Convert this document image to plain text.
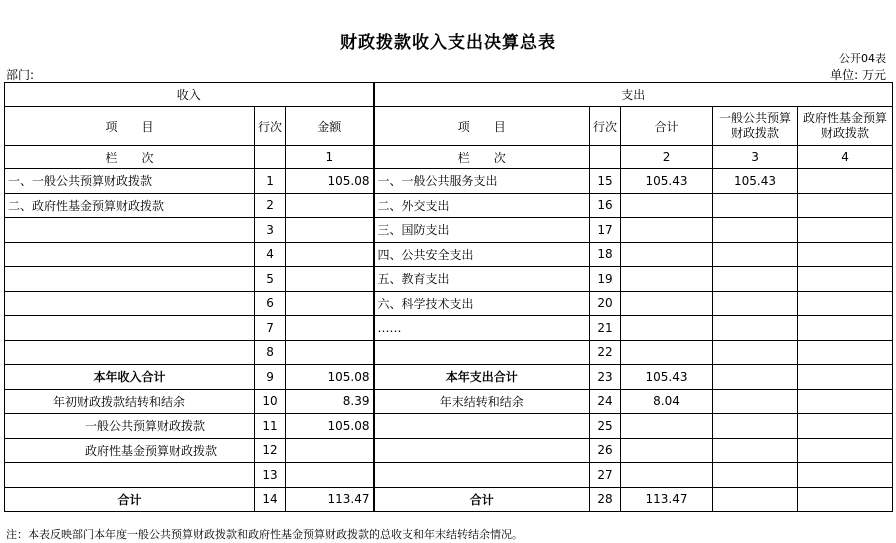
财政拨款收入支出决算总表
公开04表
部门:	单位: 万元
收入			支出				
项　　目	行次	金额	项　　目	行次	合计	一般公共预算财政拨款	政府性基金预算财政拨款
栏　　次		1	栏　　次		2	3	4
一、一般公共预算财政拨款	1	105.08	一、一般公共服务支出	15	105.43	105.43	
二、政府性基金预算财政拨款	2		二、外交支出	16			
	3		三、国防支出	17			
	4		四、公共安全支出	18			
	5		五、教育支出	19			
	6		六、科学技术支出	20			
	7		……	21			
	8			22			
本年收入合计	9	105.08	本年支出合计	23	105.43		
年初财政拨款结转和结余	10	8.39	年末结转和结余	24	8.04		
一般公共预算财政拨款	11	105.08		25			
政府性基金预算财政拨款	12			26			
	13			27			
合计	14	113.47	合计	28	113.47		
注：本表反映部门本年度一般公共预算财政拨款和政府性基金预算财政拨款的总收支和年末结转结余情况。
